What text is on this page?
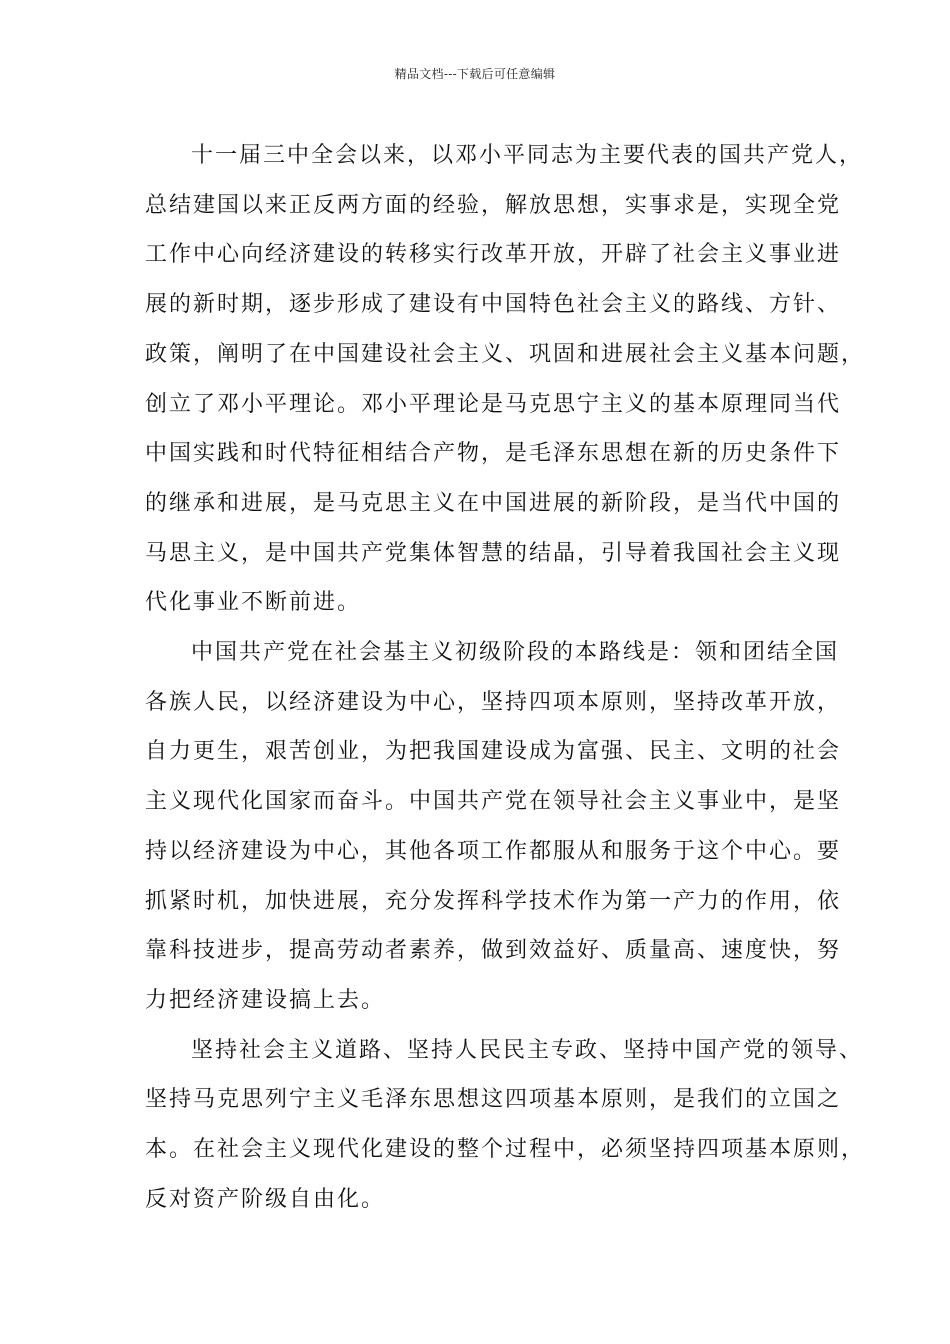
精品文档---下载后可任意编辑

十一届三中全会以来，以邓小平同志为主要代表的国共产党人，
总结建国以来正反两方面的经验，解放思想，实事求是，实现全党
工作中心向经济建设的转移实行改革开放，开辟了社会主义事业进
展的新时期，逐步形成了建设有中国特色社会主义的路线、方针、
政策，阐明了在中国建设社会主义、巩固和进展社会主义基本问题，
创立了邓小平理论。邓小平理论是马克思宁主义的基本原理同当代
中国实践和时代特征相结合产物，是毛泽东思想在新的历史条件下
的继承和进展，是马克思主义在中国进展的新阶段，是当代中国的
马思主义，是中国共产党集体智慧的结晶，引导着我国社会主义现
代化事业不断前进。

中国共产党在社会基主义初级阶段的本路线是：领和团结全国
各族人民，以经济建设为中心，坚持四项本原则，坚持改革开放，
自力更生，艰苦创业，为把我国建设成为富强、民主、文明的社会
主义现代化国家而奋斗。中国共产党在领导社会主义事业中，是坚
持以经济建设为中心，其他各项工作都服从和服务于这个中心。要
抓紧时机，加快进展，充分发挥科学技术作为第一产力的作用，依
靠科技进步，提高劳动者素养，做到效益好、质量高、速度快，努
力把经济建设搞上去。

坚持社会主义道路、坚持人民民主专政、坚持中国产党的领导、
坚持马克思列宁主义毛泽东思想这四项基本原则，是我们的立国之
本。在社会主义现代化建设的整个过程中，必须坚持四项基本原则，
反对资产阶级自由化。
